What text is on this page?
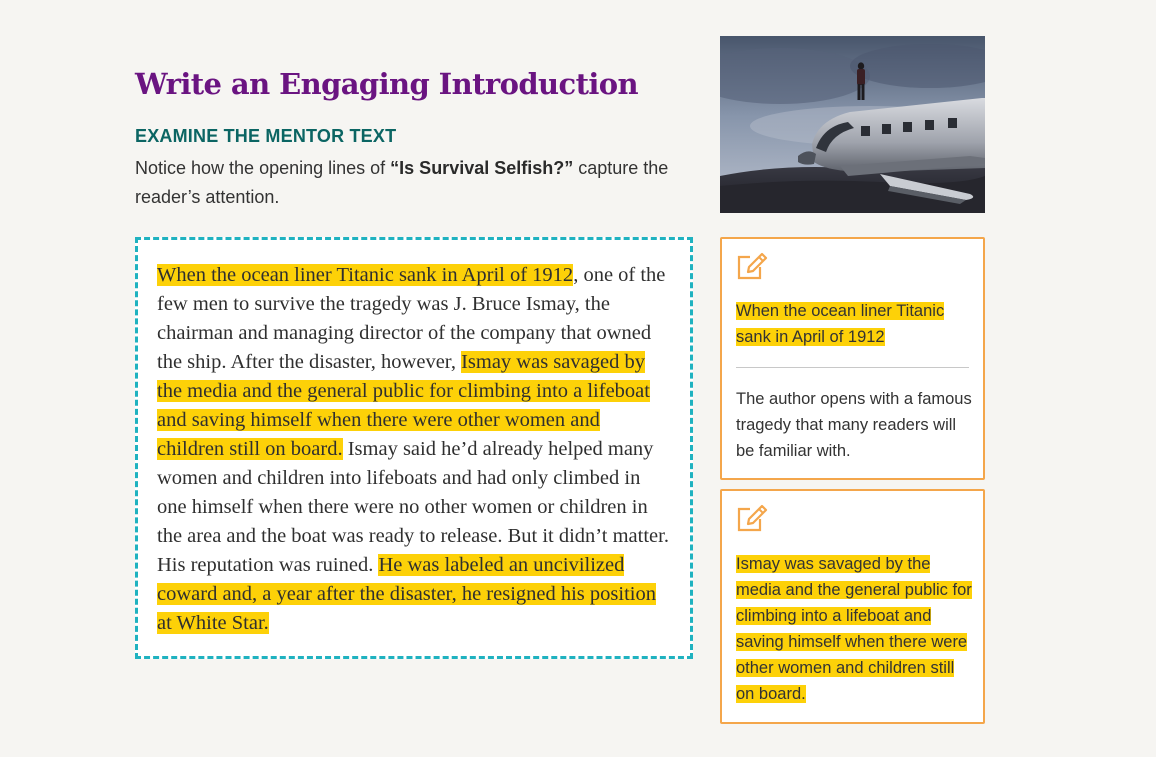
Write an Engaging Introduction
EXAMINE THE MENTOR TEXT

Notice how the opening lines of “Is Survival Selfish?” capture the reader’s attention.

When the ocean liner Titanic sank in April of 1912, one of the few men to survive the tragedy was J. Bruce Ismay, the chairman and managing director of the company that owned the ship. After the disaster, however, Ismay was savaged by the media and the general public for climbing into a lifeboat and saving himself when there were other women and children still on board. Ismay said he’d already helped many women and children into lifeboats and had only climbed in one himself when there were no other women or children in the area and the boat was ready to release. But it didn’t matter. His reputation was ruined. He was labeled an uncivilized coward and, a year after the disaster, he resigned his position at White Star.

When the ocean liner Titanic sank in April of 1912

The author opens with a famous tragedy that many readers will be familiar with.

Ismay was savaged by the media and the general public for climbing into a lifeboat and saving himself when there were other women and children still on board.
